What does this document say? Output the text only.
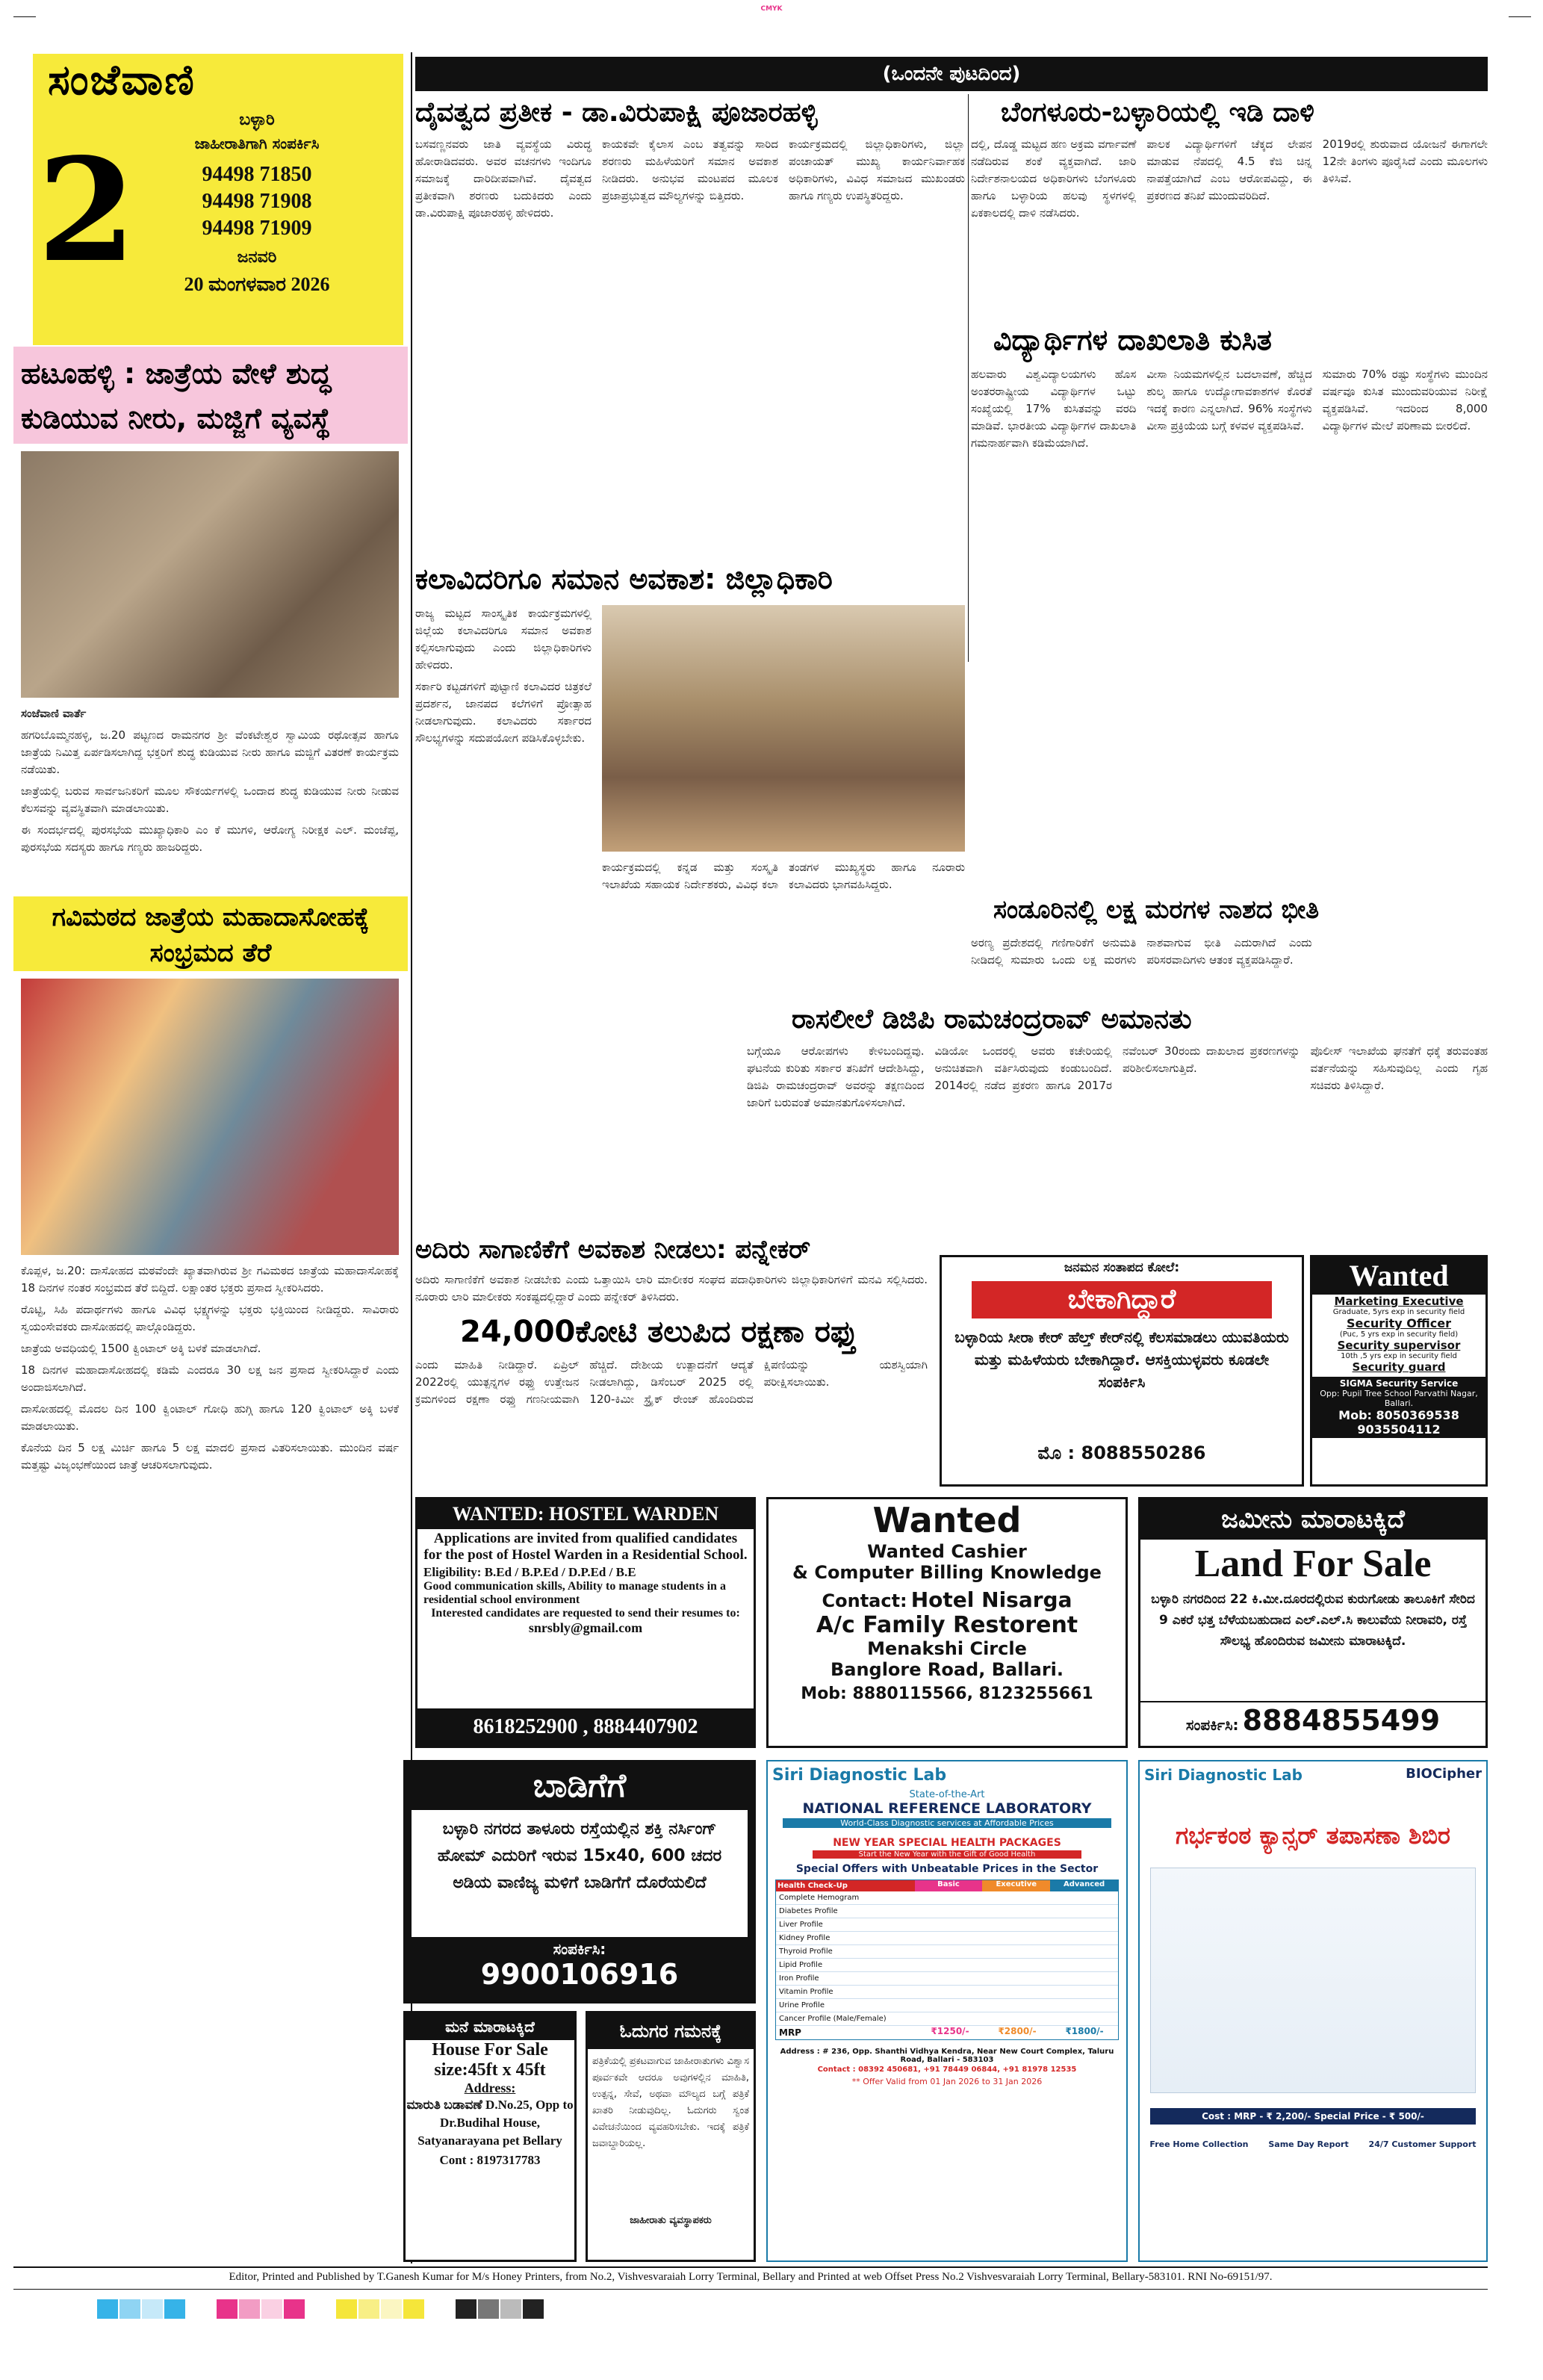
CMYK
ಸಂಜೆವಾಣಿ
2
ಬಳ್ಳಾರಿ
ಜಾಹೀರಾತಿಗಾಗಿ ಸಂಪರ್ಕಿಸಿ
94498 71850
94498 71908
94498 71909
ಜನವರಿ
20 ಮಂಗಳವಾರ 2026
ಹಟೂಹಳ್ಳಿ : ಜಾತ್ರೆಯ ವೇಳೆ ಶುದ್ಧ ಕುಡಿಯುವ ನೀರು, ಮಜ್ಜಿಗೆ ವ್ಯವಸ್ಥೆ

ಸಂಜೆವಾಣಿ ವಾರ್ತೆ

ಹಗರಿಬೊಮ್ಮನಹಳ್ಳಿ, ಜ.20 ಪಟ್ಟಣದ ರಾಮನಗರ ಶ್ರೀ ವೆಂಕಟೇಶ್ವರ ಸ್ವಾಮಿಯ ರಥೋತ್ಸವ ಹಾಗೂ ಜಾತ್ರೆಯ ನಿಮಿತ್ತ ಏರ್ಪಡಿಸಲಾಗಿದ್ದ ಭಕ್ತರಿಗೆ ಶುದ್ಧ ಕುಡಿಯುವ ನೀರು ಹಾಗೂ ಮಜ್ಜಿಗೆ ವಿತರಣೆ ಕಾರ್ಯಕ್ರಮ ನಡೆಯಿತು.

ಜಾತ್ರೆಯಲ್ಲಿ ಬರುವ ಸಾರ್ವಜನಿಕರಿಗೆ ಮೂಲ ಸೌಕರ್ಯಗಳಲ್ಲಿ ಒಂದಾದ ಶುದ್ಧ ಕುಡಿಯುವ ನೀರು ನೀಡುವ ಕೆಲಸವನ್ನು ವ್ಯವಸ್ಥಿತವಾಗಿ ಮಾಡಲಾಯಿತು.

ಈ ಸಂದರ್ಭದಲ್ಲಿ ಪುರಸಭೆಯ ಮುಖ್ಯಾಧಿಕಾರಿ ಎಂ ಕೆ ಮುಗಳಿ, ಆರೋಗ್ಯ ನಿರೀಕ್ಷಕ ಎಲ್. ಮಂಜೆಪ್ಪ, ಪುರಸಭೆಯ ಸದಸ್ಯರು ಹಾಗೂ ಗಣ್ಯರು ಹಾಜರಿದ್ದರು.

ಗವಿಮಠದ ಜಾತ್ರೆಯ ಮಹಾದಾಸೋಹಕ್ಕೆ ಸಂಭ್ರಮದ ತೆರೆ

ಕೊಪ್ಪಳ, ಜ.20: ದಾಸೋಹದ ಮಠವೆಂದೇ ಖ್ಯಾತವಾಗಿರುವ ಶ್ರೀ ಗವಿಮಠದ ಜಾತ್ರೆಯ ಮಹಾದಾಸೋಹಕ್ಕೆ 18 ದಿನಗಳ ನಂತರ ಸಂಭ್ರಮದ ತೆರೆ ಬಿದ್ದಿದೆ. ಲಕ್ಷಾಂತರ ಭಕ್ತರು ಪ್ರಸಾದ ಸ್ವೀಕರಿಸಿದರು.

ರೊಟ್ಟಿ, ಸಿಹಿ ಪದಾರ್ಥಗಳು ಹಾಗೂ ವಿವಿಧ ಭಕ್ಷ್ಯಗಳನ್ನು ಭಕ್ತರು ಭಕ್ತಿಯಿಂದ ನೀಡಿದ್ದರು. ಸಾವಿರಾರು ಸ್ವಯಂಸೇವಕರು ದಾಸೋಹದಲ್ಲಿ ಪಾಲ್ಗೊಂಡಿದ್ದರು.

ಜಾತ್ರೆಯ ಅವಧಿಯಲ್ಲಿ 1500 ಕ್ವಿಂಟಾಲ್ ಅಕ್ಕಿ ಬಳಕೆ ಮಾಡಲಾಗಿದೆ.

18 ದಿನಗಳ ಮಹಾದಾಸೋಹದಲ್ಲಿ ಕಡಿಮೆ ಎಂದರೂ 30 ಲಕ್ಷ ಜನ ಪ್ರಸಾದ ಸ್ವೀಕರಿಸಿದ್ದಾರೆ ಎಂದು ಅಂದಾಜಿಸಲಾಗಿದೆ.

ದಾಸೋಹದಲ್ಲಿ ಮೊದಲ ದಿನ 100 ಕ್ವಿಂಟಾಲ್ ಗೋಧಿ ಹುಗ್ಗಿ ಹಾಗೂ 120 ಕ್ವಿಂಟಾಲ್ ಅಕ್ಕಿ ಬಳಕೆ ಮಾಡಲಾಯಿತು.

ಕೊನೆಯ ದಿನ 5 ಲಕ್ಷ ಮಿರ್ಚಿ ಹಾಗೂ 5 ಲಕ್ಷ ಮಾದಲಿ ಪ್ರಸಾದ ವಿತರಿಸಲಾಯಿತು. ಮುಂದಿನ ವರ್ಷ ಮತ್ತಷ್ಟು ವಿಜೃಂಭಣೆಯಿಂದ ಜಾತ್ರೆ ಆಚರಿಸಲಾಗುವುದು.

(ಒಂದನೇ ಪುಟದಿಂದ)
ದೈವತ್ವದ ಪ್ರತೀಕ - ಡಾ.ವಿರುಪಾಕ್ಷಿ ಪೂಜಾರಹಳ್ಳಿ

ಬಸವಣ್ಣನವರು ಜಾತಿ ವ್ಯವಸ್ಥೆಯ ವಿರುದ್ಧ ಹೋರಾಡಿದವರು. ಅವರ ವಚನಗಳು ಇಂದಿಗೂ ಸಮಾಜಕ್ಕೆ ದಾರಿದೀಪವಾಗಿವೆ. ದೈವತ್ವದ ಪ್ರತೀಕವಾಗಿ ಶರಣರು ಬದುಕಿದರು ಎಂದು ಡಾ.ವಿರುಪಾಕ್ಷಿ ಪೂಜಾರಹಳ್ಳಿ ಹೇಳಿದರು.

ಕಾಯಕವೇ ಕೈಲಾಸ ಎಂಬ ತತ್ವವನ್ನು ಸಾರಿದ ಶರಣರು ಮಹಿಳೆಯರಿಗೆ ಸಮಾನ ಅವಕಾಶ ನೀಡಿದರು. ಅನುಭವ ಮಂಟಪದ ಮೂಲಕ ಪ್ರಜಾಪ್ರಭುತ್ವದ ಮೌಲ್ಯಗಳನ್ನು ಬಿತ್ತಿದರು.

ಕಾರ್ಯಕ್ರಮದಲ್ಲಿ ಜಿಲ್ಲಾಧಿಕಾರಿಗಳು, ಜಿಲ್ಲಾ ಪಂಚಾಯತ್ ಮುಖ್ಯ ಕಾರ್ಯನಿರ್ವಾಹಕ ಅಧಿಕಾರಿಗಳು, ವಿವಿಧ ಸಮಾಜದ ಮುಖಂಡರು ಹಾಗೂ ಗಣ್ಯರು ಉಪಸ್ಥಿತರಿದ್ದರು.

ಬೆಂಗಳೂರು-ಬಳ್ಳಾರಿಯಲ್ಲಿ ಇಡಿ ದಾಳಿ

ದಲ್ಲಿ, ದೊಡ್ಡ ಮಟ್ಟದ ಹಣ ಅಕ್ರಮ ವರ್ಗಾವಣೆ ನಡೆದಿರುವ ಶಂಕೆ ವ್ಯಕ್ತವಾಗಿದೆ. ಜಾರಿ ನಿರ್ದೇಶನಾಲಯದ ಅಧಿಕಾರಿಗಳು ಬೆಂಗಳೂರು ಹಾಗೂ ಬಳ್ಳಾರಿಯ ಹಲವು ಸ್ಥಳಗಳಲ್ಲಿ ಏಕಕಾಲದಲ್ಲಿ ದಾಳಿ ನಡೆಸಿದರು.

ಪಾಲಕ ವಿದ್ಯಾರ್ಥಿಗಳಿಗೆ ಚೆಕ್ಕದ ಲೇಪನ ಮಾಡುವ ನೆಪದಲ್ಲಿ 4.5 ಕೆಜಿ ಚಿನ್ನ ನಾಪತ್ತೆಯಾಗಿದೆ ಎಂಬ ಆರೋಪವಿದ್ದು, ಈ ಪ್ರಕರಣದ ತನಿಖೆ ಮುಂದುವರಿದಿದೆ.

2019ರಲ್ಲಿ ಶುರುವಾದ ಯೋಜನೆ ಈಗಾಗಲೇ 12ನೇ ತಿಂಗಳು ಪೂರೈಸಿದೆ ಎಂದು ಮೂಲಗಳು ತಿಳಿಸಿವೆ.

ವಿದ್ಯಾರ್ಥಿಗಳ ದಾಖಲಾತಿ ಕುಸಿತ

ಹಲವಾರು ವಿಶ್ವವಿದ್ಯಾಲಯಗಳು ಹೊಸ ಅಂತರರಾಷ್ಟ್ರೀಯ ವಿದ್ಯಾರ್ಥಿಗಳ ಒಟ್ಟು ಸಂಖ್ಯೆಯಲ್ಲಿ 17% ಕುಸಿತವನ್ನು ವರದಿ ಮಾಡಿವೆ. ಭಾರತೀಯ ವಿದ್ಯಾರ್ಥಿಗಳ ದಾಖಲಾತಿ ಗಮನಾರ್ಹವಾಗಿ ಕಡಿಮೆಯಾಗಿದೆ.

ವೀಸಾ ನಿಯಮಗಳಲ್ಲಿನ ಬದಲಾವಣೆ, ಹೆಚ್ಚಿದ ಶುಲ್ಕ ಹಾಗೂ ಉದ್ಯೋಗಾವಕಾಶಗಳ ಕೊರತೆ ಇದಕ್ಕೆ ಕಾರಣ ಎನ್ನಲಾಗಿದೆ. 96% ಸಂಸ್ಥೆಗಳು ವೀಸಾ ಪ್ರಕ್ರಿಯೆಯ ಬಗ್ಗೆ ಕಳವಳ ವ್ಯಕ್ತಪಡಿಸಿವೆ.

ಸುಮಾರು 70% ರಷ್ಟು ಸಂಸ್ಥೆಗಳು ಮುಂದಿನ ವರ್ಷವೂ ಕುಸಿತ ಮುಂದುವರಿಯುವ ನಿರೀಕ್ಷೆ ವ್ಯಕ್ತಪಡಿಸಿವೆ. ಇದರಿಂದ 8,000 ವಿದ್ಯಾರ್ಥಿಗಳ ಮೇಲೆ ಪರಿಣಾಮ ಬೀರಲಿದೆ.

ಕಲಾವಿದರಿಗೂ ಸಮಾನ ಅವಕಾಶ: ಜಿಲ್ಲಾಧಿಕಾರಿ

ರಾಜ್ಯ ಮಟ್ಟದ ಸಾಂಸ್ಕೃತಿಕ ಕಾರ್ಯಕ್ರಮಗಳಲ್ಲಿ ಜಿಲ್ಲೆಯ ಕಲಾವಿದರಿಗೂ ಸಮಾನ ಅವಕಾಶ ಕಲ್ಪಿಸಲಾಗುವುದು ಎಂದು ಜಿಲ್ಲಾಧಿಕಾರಿಗಳು ಹೇಳಿದರು.

ಸರ್ಕಾರಿ ಕಟ್ಟಡಗಳಿಗೆ ಪುಟ್ಟಾಣಿ ಕಲಾವಿದರ ಚಿತ್ರಕಲೆ ಪ್ರದರ್ಶನ, ಜಾನಪದ ಕಲೆಗಳಿಗೆ ಪ್ರೋತ್ಸಾಹ ನೀಡಲಾಗುವುದು. ಕಲಾವಿದರು ಸರ್ಕಾರದ ಸೌಲಭ್ಯಗಳನ್ನು ಸದುಪಯೋಗ ಪಡಿಸಿಕೊಳ್ಳಬೇಕು.

ಕಾರ್ಯಕ್ರಮದಲ್ಲಿ ಕನ್ನಡ ಮತ್ತು ಸಂಸ್ಕೃತಿ ಇಲಾಖೆಯ ಸಹಾಯಕ ನಿರ್ದೇಶಕರು, ವಿವಿಧ ಕಲಾ ತಂಡಗಳ ಮುಖ್ಯಸ್ಥರು ಹಾಗೂ ನೂರಾರು ಕಲಾವಿದರು ಭಾಗವಹಿಸಿದ್ದರು.

ಸಂಡೂರಿನಲ್ಲಿ ಲಕ್ಷ ಮರಗಳ ನಾಶದ ಭೀತಿ

ಅರಣ್ಯ ಪ್ರದೇಶದಲ್ಲಿ ಗಣಿಗಾರಿಕೆಗೆ ಅನುಮತಿ ನೀಡಿದಲ್ಲಿ ಸುಮಾರು ಒಂದು ಲಕ್ಷ ಮರಗಳು ನಾಶವಾಗುವ ಭೀತಿ ಎದುರಾಗಿದೆ ಎಂದು ಪರಿಸರವಾದಿಗಳು ಆತಂಕ ವ್ಯಕ್ತಪಡಿಸಿದ್ದಾರೆ.

ರಾಸಲೀಲೆ ಡಿಜಿಪಿ ರಾಮಚಂದ್ರರಾವ್ ಅಮಾನತು

ಬಗ್ಗೆಯೂ ಆರೋಪಗಳು ಕೇಳಿಬಂದಿದ್ದವು. ಘಟನೆಯ ಕುರಿತು ಸರ್ಕಾರ ತನಿಖೆಗೆ ಆದೇಶಿಸಿದ್ದು, ಡಿಜಿಪಿ ರಾಮಚಂದ್ರರಾವ್ ಅವರನ್ನು ತಕ್ಷಣದಿಂದ ಜಾರಿಗೆ ಬರುವಂತೆ ಅಮಾನತುಗೊಳಿಸಲಾಗಿದೆ.

ವಿಡಿಯೋ ಒಂದರಲ್ಲಿ ಅವರು ಕಚೇರಿಯಲ್ಲಿ ಅನುಚಿತವಾಗಿ ವರ್ತಿಸಿರುವುದು ಕಂಡುಬಂದಿದೆ. 2014ರಲ್ಲಿ ನಡೆದ ಪ್ರಕರಣ ಹಾಗೂ 2017ರ ನವೆಂಬರ್ 30ರಂದು ದಾಖಲಾದ ಪ್ರಕರಣಗಳನ್ನು ಪರಿಶೀಲಿಸಲಾಗುತ್ತಿದೆ.

ಪೊಲೀಸ್ ಇಲಾಖೆಯ ಘನತೆಗೆ ಧಕ್ಕೆ ತರುವಂತಹ ವರ್ತನೆಯನ್ನು ಸಹಿಸುವುದಿಲ್ಲ ಎಂದು ಗೃಹ ಸಚಿವರು ತಿಳಿಸಿದ್ದಾರೆ.

ಅದಿರು ಸಾಗಾಣಿಕೆಗೆ ಅವಕಾಶ ನೀಡಲು: ಪನ್ನೇಕರ್

ಅದಿರು ಸಾಗಾಣಿಕೆಗೆ ಅವಕಾಶ ನೀಡಬೇಕು ಎಂದು ಒತ್ತಾಯಿಸಿ ಲಾರಿ ಮಾಲೀಕರ ಸಂಘದ ಪದಾಧಿಕಾರಿಗಳು ಜಿಲ್ಲಾಧಿಕಾರಿಗಳಿಗೆ ಮನವಿ ಸಲ್ಲಿಸಿದರು. ನೂರಾರು ಲಾರಿ ಮಾಲೀಕರು ಸಂಕಷ್ಟದಲ್ಲಿದ್ದಾರೆ ಎಂದು ಪನ್ನೇಕರ್ ತಿಳಿಸಿದರು.

24,000ಕೋಟಿ ತಲುಪಿದ ರಕ್ಷಣಾ ರಫ್ತು

ಎಂದು ಮಾಹಿತಿ ನೀಡಿದ್ದಾರೆ. ಏಪ್ರಿಲ್ 2022ರಲ್ಲಿ ಯುತ್ಪನ್ನಗಳ ರಫ್ತು ಉತ್ತೇಜನ ಕ್ರಮಗಳಿಂದ ರಕ್ಷಣಾ ರಫ್ತು ಗಣನೀಯವಾಗಿ ಹೆಚ್ಚಿದೆ. ದೇಶೀಯ ಉತ್ಪಾದನೆಗೆ ಆದ್ಯತೆ ನೀಡಲಾಗಿದ್ದು, ಡಿಸೆಂಬರ್ 2025 ರಲ್ಲಿ 120-ಕಿಮೀ ಸ್ಟ್ರೈಕ್ ರೇಂಜ್ ಹೊಂದಿರುವ ಕ್ಷಿಪಣಿಯನ್ನು ಯಶಸ್ವಿಯಾಗಿ ಪರೀಕ್ಷಿಸಲಾಯಿತು.

ಜನಮನ ಸಂತಾಪದ ಕೋಲೆ:
ಬೇಕಾಗಿದ್ದಾರೆ
ಬಳ್ಳಾರಿಯ ಸೀರಾ ಕೇರ್ ಹೆಲ್ತ್ ಕೇರ್‌ನಲ್ಲಿ ಕೆಲಸಮಾಡಲು ಯುವತಿಯರು ಮತ್ತು ಮಹಿಳೆಯರು ಬೇಕಾಗಿದ್ದಾರೆ. ಆಸಕ್ತಿಯುಳ್ಳವರು ಕೂಡಲೇ ಸಂಪರ್ಕಿಸಿ
ಮೊ : 8088550286
Wanted
Marketing Executive
Graduate, 5yrs exp in security field
Security Officer
(Puc, 5 yrs exp in security field)
Security supervisor
10th ,5 yrs exp in security field
Security guard
SIGMA Security Service
Opp: Pupil Tree School Parvathi Nagar, Ballari.
Mob: 8050369538
9035504112
WANTED: HOSTEL WARDEN
Applications are invited from qualified candidates for the post of Hostel Warden in a Residential School.
Eligibility: B.Ed / B.P.Ed / D.P.Ed / B.E
Good communication skills, Ability to manage students in a residential school environment
Interested candidates are requested to send their resumes to:
snrsbly@gmail.com
8618252900 , 8884407902
Wanted
Wanted Cashier
& Computer Billing Knowledge
Contact: Hotel Nisarga
A/c Family Restorent
Menakshi Circle
Banglore Road, Ballari.
Mob: 8880115566, 8123255661
ಜಮೀನು ಮಾರಾಟಕ್ಕಿದೆ
Land For Sale
ಬಳ್ಳಾರಿ ನಗರದಿಂದ 22 ಕಿ.ಮೀ.ದೂರದಲ್ಲಿರುವ ಕುರುಗೋಡು ತಾಲೂಕಿಗೆ ಸೇರಿದ 9 ಎಕರೆ ಭತ್ತ ಬೆಳೆಯಬಹುದಾದ ಎಲ್.ಎಲ್.ಸಿ ಕಾಲುವೆಯ ನೀರಾವರಿ, ರಸ್ತೆ ಸೌಲಭ್ಯ ಹೊಂದಿರುವ ಜಮೀನು ಮಾರಾಟಕ್ಕಿದೆ.
ಸಂಪರ್ಕಿಸಿ: 8884855499
ಬಾಡಿಗೆಗೆ
ಬಳ್ಳಾರಿ ನಗರದ ತಾಳೂರು ರಸ್ತೆಯಲ್ಲಿನ ಶಕ್ತಿ ನರ್ಸಿಂಗ್ ಹೋಮ್ ಎದುರಿಗೆ ಇರುವ 15x40, 600 ಚದರ ಅಡಿಯ ವಾಣಿಜ್ಯ ಮಳಿಗೆ ಬಾಡಿಗೆಗೆ ದೊರೆಯಲಿದೆ
ಸಂಪರ್ಕಿಸಿ:
9900106916
ಮನೆ ಮಾರಾಟಕ್ಕಿದೆ
House For Sale
size:45ft x 45ft
Address:
ಮಾರುತಿ ಬಡಾವಣೆ D.No.25, Opp to Dr.Budihal House, Satyanarayana pet Bellary
Cont : 8197317783
ಓದುಗರ ಗಮನಕ್ಕೆ
ಪತ್ರಿಕೆಯಲ್ಲಿ ಪ್ರಕಟವಾಗುವ ಜಾಹೀರಾತುಗಳು ವಿಶ್ವಾಸ ಪೂರ್ವಕವೇ ಆದರೂ ಅವುಗಳಲ್ಲಿನ ಮಾಹಿತಿ, ಉತ್ಪನ್ನ, ಸೇವೆ, ಅಥವಾ ಮೌಲ್ಯದ ಬಗ್ಗೆ ಪತ್ರಿಕೆ ಖಾತರಿ ನೀಡುವುದಿಲ್ಲ. ಓದುಗರು ಸ್ವಂತ ವಿವೇಚನೆಯಿಂದ ವ್ಯವಹರಿಸಬೇಕು. ಇದಕ್ಕೆ ಪತ್ರಿಕೆ ಜವಾಬ್ದಾರಿಯಲ್ಲ.
ಜಾಹೀರಾತು ವ್ಯವಸ್ಥಾಪಕರು
Siri Diagnostic Lab
State-of-the-Art
NATIONAL REFERENCE LABORATORY
World-Class Diagnostic services at Affordable Prices
NEW YEAR SPECIAL HEALTH PACKAGES
Start the New Year with the Gift of Good Health
Special Offers with Unbeatable Prices in the Sector
Health Check-Up	Basic	Executive	Advanced
Complete Hemogram
Diabetes Profile
Liver Profile
Kidney Profile
Thyroid Profile
Lipid Profile
Iron Profile
Vitamin Profile
Urine Profile
Cancer Profile (Male/Female)
MRP	₹1250/-	₹2800/-	₹1800/-
Address : # 236, Opp. Shanthi Vidhya Kendra, Near New Court Complex, Taluru Road, Ballari - 583103
Contact : 08392 450681, +91 78449 06844, +91 81978 12535
** Offer Valid from 01 Jan 2026 to 31 Jan 2026
Siri Diagnostic Lab	BIOCipher
ಗರ್ಭಕಂಠ ಕ್ಯಾನ್ಸರ್ ತಪಾಸಣಾ ಶಿಬಿರ
Cost : MRP - ₹ 2,200/- Special Price - ₹ 500/-
Free Home Collection Same Day Report 24/7 Customer Support
Editor, Printed and Published by T.Ganesh Kumar for M/s Honey Printers, from No.2, Vishvesvaraiah Lorry Terminal, Bellary and Printed at web Offset Press No.2 Vishvesvaraiah Lorry Terminal, Bellary-583101. RNI No-69151/97.
